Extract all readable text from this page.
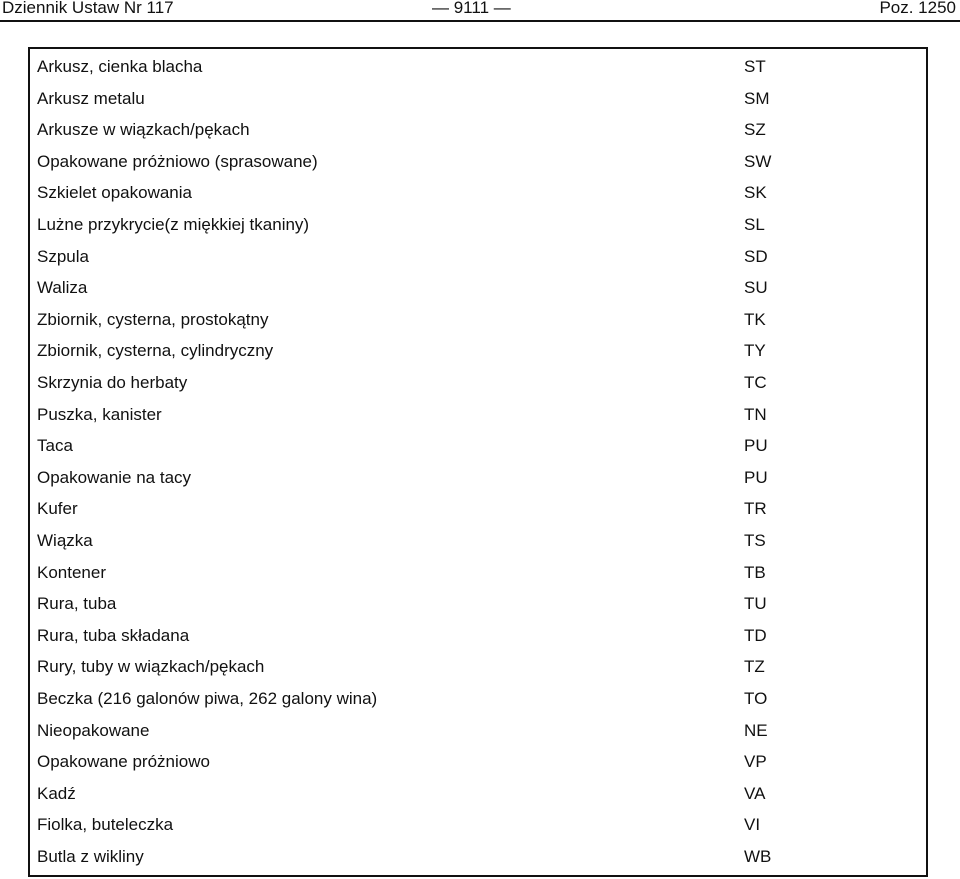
Dziennik Ustaw Nr 117	— 9111 —	Poz. 1250
Arkusz, cienka blacha	ST
Arkusz metalu	SM
Arkusze w wiązkach/pękach	SZ
Opakowane próżniowo (sprasowane)	SW
Szkielet opakowania	SK
Lużne przykrycie(z miękkiej tkaniny)	SL
Szpula	SD
Waliza	SU
Zbiornik, cysterna, prostokątny	TK
Zbiornik, cysterna, cylindryczny	TY
Skrzynia do herbaty	TC
Puszka, kanister	TN
Taca	PU
Opakowanie na tacy	PU
Kufer	TR
Wiązka	TS
Kontener	TB
Rura, tuba	TU
Rura, tuba składana	TD
Rury, tuby w wiązkach/pękach	TZ
Beczka (216 galonów piwa, 262 galony wina)	TO
Nieopakowane	NE
Opakowane próżniowo	VP
Kadź	VA
Fiolka, buteleczka	VI
Butla z wikliny	WB
